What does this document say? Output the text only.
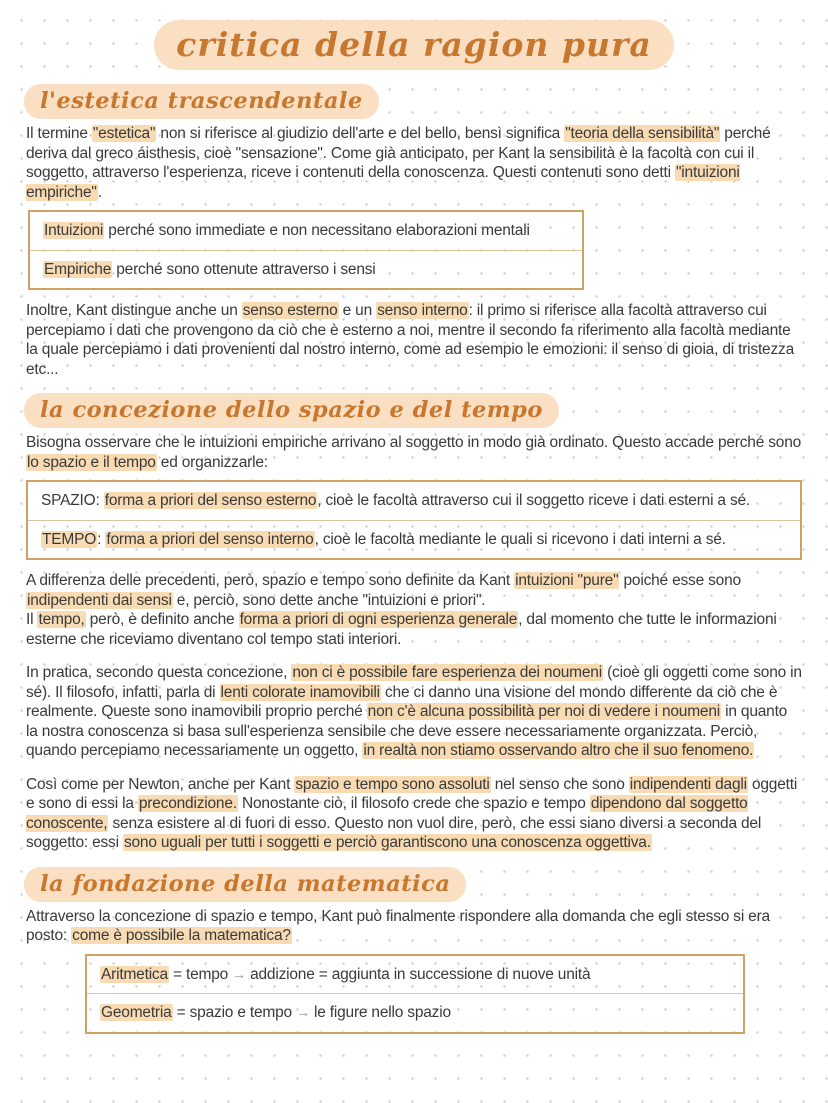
critica della ragion pura
l'estetica trascendentale

Il termine "estetica" non si riferisce al giudizio dell'arte e del bello, bensì significa "teoria della sensibilità" perché deriva dal greco áisthesis, cioè "sensazione". Come già anticipato, per Kant la sensibilità è la facoltà con cui il soggetto, attraverso l'esperienza, riceve i contenuti della conoscenza. Questi contenuti sono detti "intuizioni empiriche".

Intuizioni perché sono immediate e non necessitano elaborazioni mentali
Empiriche perché sono ottenute attraverso i sensi

Inoltre, Kant distingue anche un senso esterno e un senso interno: il primo si riferisce alla facoltà attraverso cui percepiamo i dati che provengono da ciò che è esterno a noi, mentre il secondo fa riferimento alla facoltà mediante la quale percepiamo i dati provenienti dal nostro interno, come ad esempio le emozioni: il senso di gioia, di tristezza etc...

la concezione dello spazio e del tempo

Bisogna osservare che le intuizioni empiriche arrivano al soggetto in modo già ordinato. Questo accade perché sono lo spazio e il tempo ed organizzarle:

SPAZIO: forma a priori del senso esterno, cioè le facoltà attraverso cui il soggetto riceve i dati esterni a sé.
TEMPO: forma a priori del senso interno, cioè le facoltà mediante le quali si ricevono i dati interni a sé.

A differenza delle precedenti, però, spazio e tempo sono definite da Kant intuizioni "pure" poiché esse sono indipendenti dai sensi e, perciò, sono dette anche "intuizioni e priori".
Il tempo, però, è definito anche forma a priori di ogni esperienza generale, dal momento che tutte le informazioni esterne che riceviamo diventano col tempo stati interiori.

In pratica, secondo questa concezione, non ci è possibile fare esperienza dei noumeni (cioè gli oggetti come sono in sé). Il filosofo, infatti, parla di lenti colorate inamovibili che ci danno una visione del mondo differente da ciò che è realmente. Queste sono inamovibili proprio perché non c'è alcuna possibilità per noi di vedere i noumeni in quanto la nostra conoscenza si basa sull'esperienza sensibile che deve essere necessariamente organizzata. Perciò, quando percepiamo necessariamente un oggetto, in realtà non stiamo osservando altro che il suo fenomeno.

Così come per Newton, anche per Kant spazio e tempo sono assoluti nel senso che sono indipendenti dagli oggetti e sono di essi la precondizione. Nonostante ciò, il filosofo crede che spazio e tempo dipendono dal soggetto conoscente, senza esistere al di fuori di esso. Questo non vuol dire, però, che essi siano diversi a seconda del soggetto: essi sono uguali per tutti i soggetti e perciò garantiscono una conoscenza oggettiva.

la fondazione della matematica

Attraverso la concezione di spazio e tempo, Kant può finalmente rispondere alla domanda che egli stesso si era posto: come è possibile la matematica?

Aritmetica = tempo → addizione = aggiunta in successione di nuove unità
Geometria = spazio e tempo → le figure nello spazio
